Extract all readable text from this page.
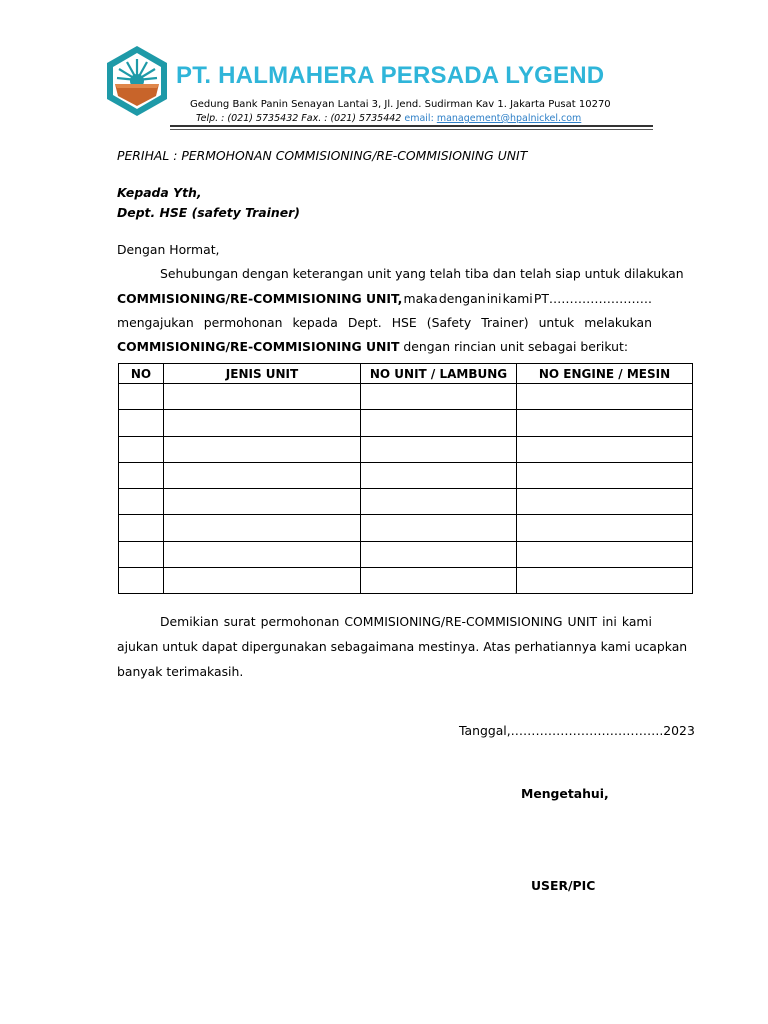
PT. HALMAHERA PERSADA LYGEND
Gedung Bank Panin Senayan Lantai 3, Jl. Jend. Sudirman Kav 1. Jakarta Pusat 10270
Telp. : (021) 5735432 Fax. : (021) 5735442 email: management@hpalnickel.com
PERIHAL : PERMOHONAN COMMISIONING/RE-COMMISIONING UNIT
Kepada Yth,
Dept. HSE (safety Trainer)
Dengan Hormat,
Sehubungan dengan keterangan unit yang telah tiba dan telah siap untuk dilakukan
COMMISIONING/RE-COMMISIONING UNIT, maka dengan ini kami PT…………………….
mengajukan permohonan kepada Dept. HSE (Safety Trainer) untuk melakukan
COMMISIONING/RE-COMMISIONING UNIT dengan rincian unit sebagai berikut:
NO	JENIS UNIT	NO UNIT / LAMBUNG	NO ENGINE / MESIN

Demikian surat permohonan COMMISIONING/RE-COMMISIONING UNIT ini kami
ajukan untuk dapat dipergunakan sebagaimana mestinya. Atas perhatiannya kami ucapkan
banyak terimakasih.
Tanggal,……………………………….2023
Mengetahui,
USER/PIC
